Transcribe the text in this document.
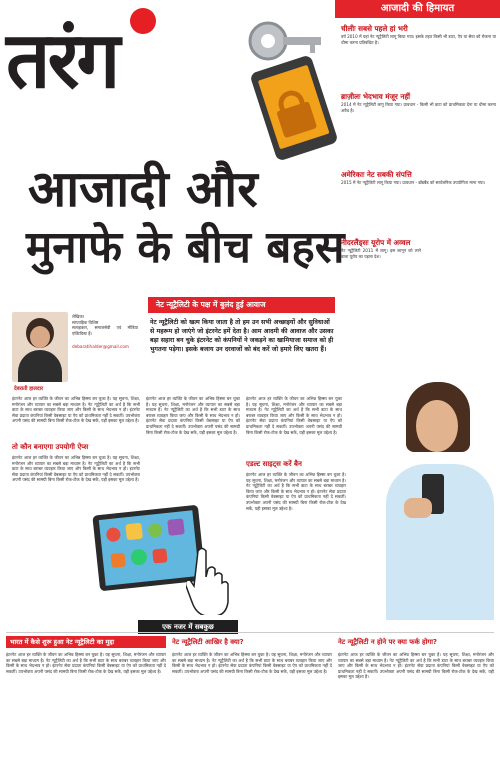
तरंग
आजादी और
मुनाफे के बीच बहस
नेट न्यूट्रैलिटी के पक्ष में बुलंद हुई आवाज
लेखिका
साप्ताहिक विशिष्ट
सलाहकार, समाजसेवी एवं मीडिया एक्टिविस्ट हैं।
debaratihalder@gmail.com
देबराती हालदार
नेट न्यूट्रैलिटी को खत्म किया जाता है तो हम उन सभी अच्छाइयों और सुविधाओं से महरूम हो जाएंगे जो इंटरनेट हमें देता है। आम आदमी की आवाज और उसका बड़ा सहारा बन चुके इंटरनेट को कंपनियों ने जकड़ने का खामियाजा समाज को ही भुगतना पड़ेगा। इसके बजाय उन दरवाजों को बंद करें जो हमारे लिए खतरा हैं।
इंटरनेट आज हर व्यक्ति के जीवन का अभिन्न हिस्सा बन चुका है। यह सूचना, शिक्षा, मनोरंजन और व्यापार का सबसे बड़ा माध्यम है। नेट न्यूट्रैलिटी का अर्थ है कि सभी डाटा के साथ बराबर व्यवहार किया जाए और किसी के साथ भेदभाव न हो। इंटरनेट सेवा प्रदाता कंपनियां किसी वेबसाइट या ऐप को प्राथमिकता नहीं दे सकतीं। उपभोक्ता अपनी पसंद की सामग्री बिना किसी रोक-टोक के देख सकें, यही इसका मूल उद्देश्य है।
तो कौन बनाएगा उपयोगी ऐप्स
इंटरनेट आज हर व्यक्ति के जीवन का अभिन्न हिस्सा बन चुका है। यह सूचना, शिक्षा, मनोरंजन और व्यापार का सबसे बड़ा माध्यम है। नेट न्यूट्रैलिटी का अर्थ है कि सभी डाटा के साथ बराबर व्यवहार किया जाए और किसी के साथ भेदभाव न हो। इंटरनेट सेवा प्रदाता कंपनियां किसी वेबसाइट या ऐप को प्राथमिकता नहीं दे सकतीं। उपभोक्ता अपनी पसंद की सामग्री बिना किसी रोक-टोक के देख सकें, यही इसका मूल उद्देश्य है।
इंटरनेट आज हर व्यक्ति के जीवन का अभिन्न हिस्सा बन चुका है। यह सूचना, शिक्षा, मनोरंजन और व्यापार का सबसे बड़ा माध्यम है। नेट न्यूट्रैलिटी का अर्थ है कि सभी डाटा के साथ बराबर व्यवहार किया जाए और किसी के साथ भेदभाव न हो। इंटरनेट सेवा प्रदाता कंपनियां किसी वेबसाइट या ऐप को प्राथमिकता नहीं दे सकतीं। उपभोक्ता अपनी पसंद की सामग्री बिना किसी रोक-टोक के देख सकें, यही इसका मूल उद्देश्य है।
इंटरनेट आज हर व्यक्ति के जीवन का अभिन्न हिस्सा बन चुका है। यह सूचना, शिक्षा, मनोरंजन और व्यापार का सबसे बड़ा माध्यम है। नेट न्यूट्रैलिटी का अर्थ है कि सभी डाटा के साथ बराबर व्यवहार किया जाए और किसी के साथ भेदभाव न हो। इंटरनेट सेवा प्रदाता कंपनियां किसी वेबसाइट या ऐप को प्राथमिकता नहीं दे सकतीं। उपभोक्ता अपनी पसंद की सामग्री बिना किसी रोक-टोक के देख सकें, यही इसका मूल उद्देश्य है।
एडल्ट साइट्स करें बैन
इंटरनेट आज हर व्यक्ति के जीवन का अभिन्न हिस्सा बन चुका है। यह सूचना, शिक्षा, मनोरंजन और व्यापार का सबसे बड़ा माध्यम है। नेट न्यूट्रैलिटी का अर्थ है कि सभी डाटा के साथ बराबर व्यवहार किया जाए और किसी के साथ भेदभाव न हो। इंटरनेट सेवा प्रदाता कंपनियां किसी वेबसाइट या ऐप को प्राथमिकता नहीं दे सकतीं। उपभोक्ता अपनी पसंद की सामग्री बिना किसी रोक-टोक के देख सकें, यही इसका मूल उद्देश्य है।
एक नजर में सबकुछ
आजादी की हिमायत
चीलीः सबसे पहले हां भरी
वर्ष 2010 में यहां नेट न्यूट्रैलिटी लागू किया गया। इसके तहत किसी भी डाटा, ऐप या सेवा को रोकना या धीमा करना प्रतिबंधित है।
ब्राज़ीलः भेदभाव मंजूर नहीं
2014 में नेट न्यूट्रैलिटी लागू किया गया। प्रावधान - किसी भी डाटा को प्राथमिकता देना या धीमा करना अवैध है।
अमेरिकाः नेट सबकी संपत्ति
2015 में नेट न्यूट्रैलिटी लागू किया गया। प्रावधान - ब्रॉडबैंड को सार्वजनिक उपयोगिता माना गया।
नीदरलैंड्सः यूरोप में अव्वल
नेट न्यूट्रैलिटी 2011 में लागू। इस कानून को लाने वाला यूरोप का पहला देश।
भारत में कैसे शुरू हुआ नेट न्यूट्रैलिटी का मुद्दा
इंटरनेट आज हर व्यक्ति के जीवन का अभिन्न हिस्सा बन चुका है। यह सूचना, शिक्षा, मनोरंजन और व्यापार का सबसे बड़ा माध्यम है। नेट न्यूट्रैलिटी का अर्थ है कि सभी डाटा के साथ बराबर व्यवहार किया जाए और किसी के साथ भेदभाव न हो। इंटरनेट सेवा प्रदाता कंपनियां किसी वेबसाइट या ऐप को प्राथमिकता नहीं दे सकतीं। उपभोक्ता अपनी पसंद की सामग्री बिना किसी रोक-टोक के देख सकें, यही इसका मूल उद्देश्य है।
नेट न्यूट्रैलिटी आखिर है क्या?
इंटरनेट आज हर व्यक्ति के जीवन का अभिन्न हिस्सा बन चुका है। यह सूचना, शिक्षा, मनोरंजन और व्यापार का सबसे बड़ा माध्यम है। नेट न्यूट्रैलिटी का अर्थ है कि सभी डाटा के साथ बराबर व्यवहार किया जाए और किसी के साथ भेदभाव न हो। इंटरनेट सेवा प्रदाता कंपनियां किसी वेबसाइट या ऐप को प्राथमिकता नहीं दे सकतीं। उपभोक्ता अपनी पसंद की सामग्री बिना किसी रोक-टोक के देख सकें, यही इसका मूल उद्देश्य है।
नेट न्यूट्रैलिटी न होने पर क्या फर्क होगा?
इंटरनेट आज हर व्यक्ति के जीवन का अभिन्न हिस्सा बन चुका है। यह सूचना, शिक्षा, मनोरंजन और व्यापार का सबसे बड़ा माध्यम है। नेट न्यूट्रैलिटी का अर्थ है कि सभी डाटा के साथ बराबर व्यवहार किया जाए और किसी के साथ भेदभाव न हो। इंटरनेट सेवा प्रदाता कंपनियां किसी वेबसाइट या ऐप को प्राथमिकता नहीं दे सकतीं। उपभोक्ता अपनी पसंद की सामग्री बिना किसी रोक-टोक के देख सकें, यही इसका मूल उद्देश्य है।
